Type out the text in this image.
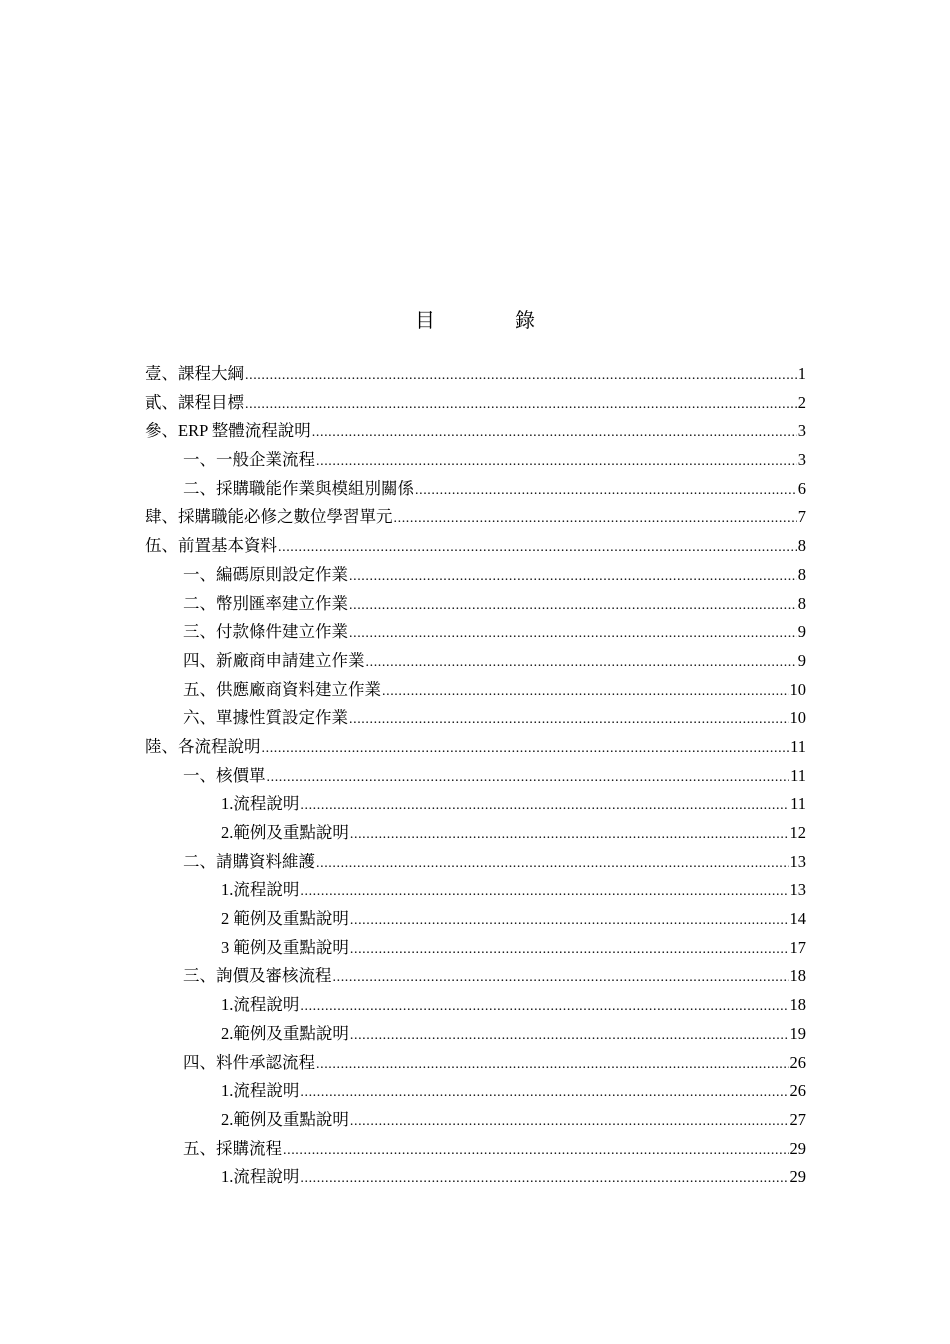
目　　　　錄
壹、課程大綱 .....	1
貳、課程目標 .....	2
參、ERP 整體流程說明 .....	3
一、一般企業流程 .....	3
二、採購職能作業與模組別關係 .....	6
肆、採購職能必修之數位學習單元 .....	7
伍、前置基本資料 .....	8
一、編碼原則設定作業 .....	8
二、幣別匯率建立作業 .....	8
三、付款條件建立作業 .....	9
四、新廠商申請建立作業 .....	9
五、供應廠商資料建立作業 .....	10
六、單據性質設定作業 .....	10
陸、各流程說明 .....	11
一、核價單 .....	11
1.流程說明 .....	11
2.範例及重點說明 .....	12
二、請購資料維護 .....	13
1.流程說明 .....	13
2 範例及重點說明 .....	14
3 範例及重點說明 .....	17
三、詢價及審核流程 .....	18
1.流程說明 .....	18
2.範例及重點說明 .....	19
四、料件承認流程 .....	26
1.流程說明 .....	26
2.範例及重點說明 .....	27
五、採購流程 .....	29
1.流程說明 .....	29
